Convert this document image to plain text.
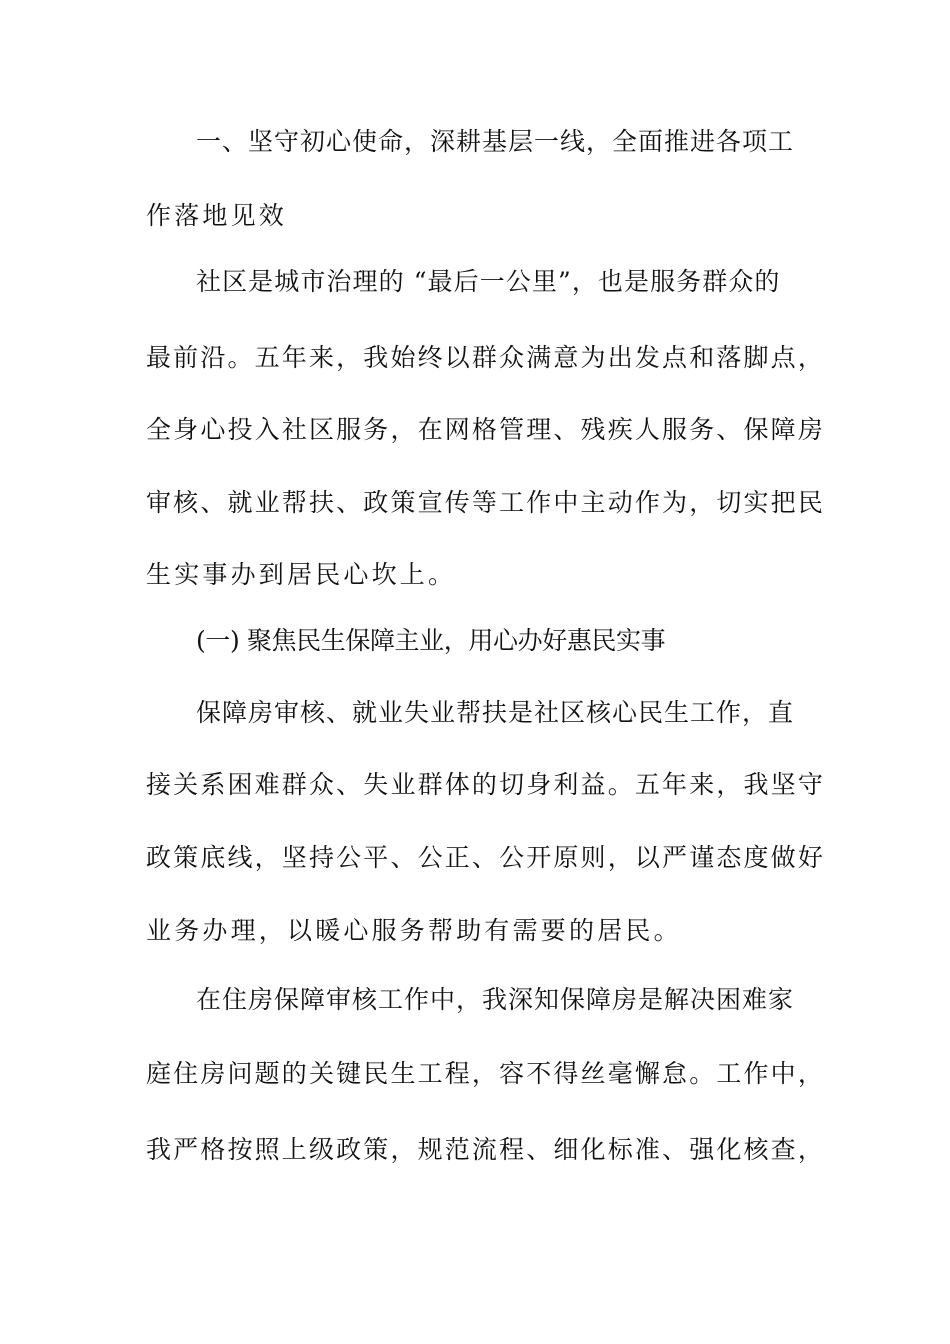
一、坚守初心使命，深耕基层一线，全面推进各项工
作落地见效
社区是城市治理的 “最后一公里”，也是服务群众的
最前沿。五年来，我始终以群众满意为出发点和落脚点，
全身心投入社区服务，在网格管理、残疾人服务、保障房
审核、就业帮扶、政策宣传等工作中主动作为，切实把民
生实事办到居民心坎上。
(一) 聚焦民生保障主业，用心办好惠民实事
保障房审核、就业失业帮扶是社区核心民生工作，直
接关系困难群众、失业群体的切身利益。五年来，我坚守
政策底线，坚持公平、公正、公开原则，以严谨态度做好
业务办理，以暖心服务帮助有需要的居民。
在住房保障审核工作中，我深知保障房是解决困难家
庭住房问题的关键民生工程，容不得丝毫懈怠。工作中，
我严格按照上级政策，规范流程、细化标准、强化核查，
